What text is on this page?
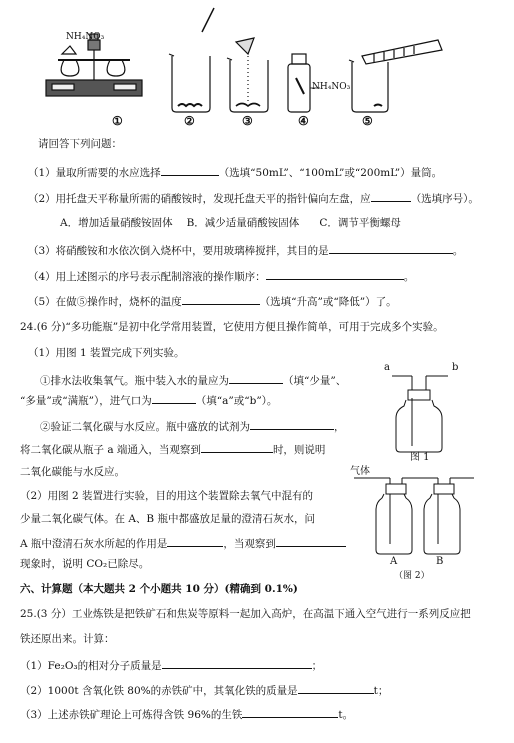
NH₄NO₃
NH₄NO₃
①	②	③	④	⑤
请回答下列问题：
（1）量取所需要的水应选择	（选填“50mL”、“100mL”或“200mL”）量筒。
（2）用托盘天平称量所需的硝酸铵时，发现托盘天平的指针偏向左盘，应	（选填序号）。
A．增加适量硝酸铵固体 B．减少适量硝酸铵固体 C．调节平衡螺母
（3）将硝酸铵和水依次倒入烧杯中，要用玻璃棒搅拌，其目的是	。
（4）用上述图示的序号表示配制溶液的操作顺序：	。
（5）在做⑤操作时，烧杯的温度	（选填“升高”或“降低”）了。
24.(6 分)“多功能瓶”是初中化学常用装置，它使用方便且操作简单，可用于完成多个实验。
（1）用图 1 装置完成下列实验。
①排水法收集氧气。瓶中装入水的量应为	（填“少量”、
“多量”或“满瓶”），进气口为	（填“a”或“b”）。
②验证二氧化碳与水反应。瓶中盛放的试剂为	，
将二氧化碳从瓶子 a 端通入，当观察到	时，则说明
二氧化碳能与水反应。
（2）用图 2 装置进行实验，目的用这个装置除去氧气中混有的
少量二氧化碳气体。在 A、B 瓶中都盛放足量的澄清石灰水，问
A 瓶中澄清石灰水所起的作用是	，当观察到
现象时，说明 CO₂已除尽。
a	b
图 1
气体
A	B
（图 2）
六、计算题（本大题共 2 个小题共 10 分）(精确到 0.1%)
25.(3 分）工业炼铁是把铁矿石和焦炭等原料一起加入高炉，在高温下通入空气进行一系列反应把
铁还原出来。计算：
（1）Fe₂O₃的相对分子质量是	；
（2）1000t 含氧化铁 80%的赤铁矿中，其氧化铁的质量是	t；
（3）上述赤铁矿理论上可炼得含铁 96%的生铁	t。
